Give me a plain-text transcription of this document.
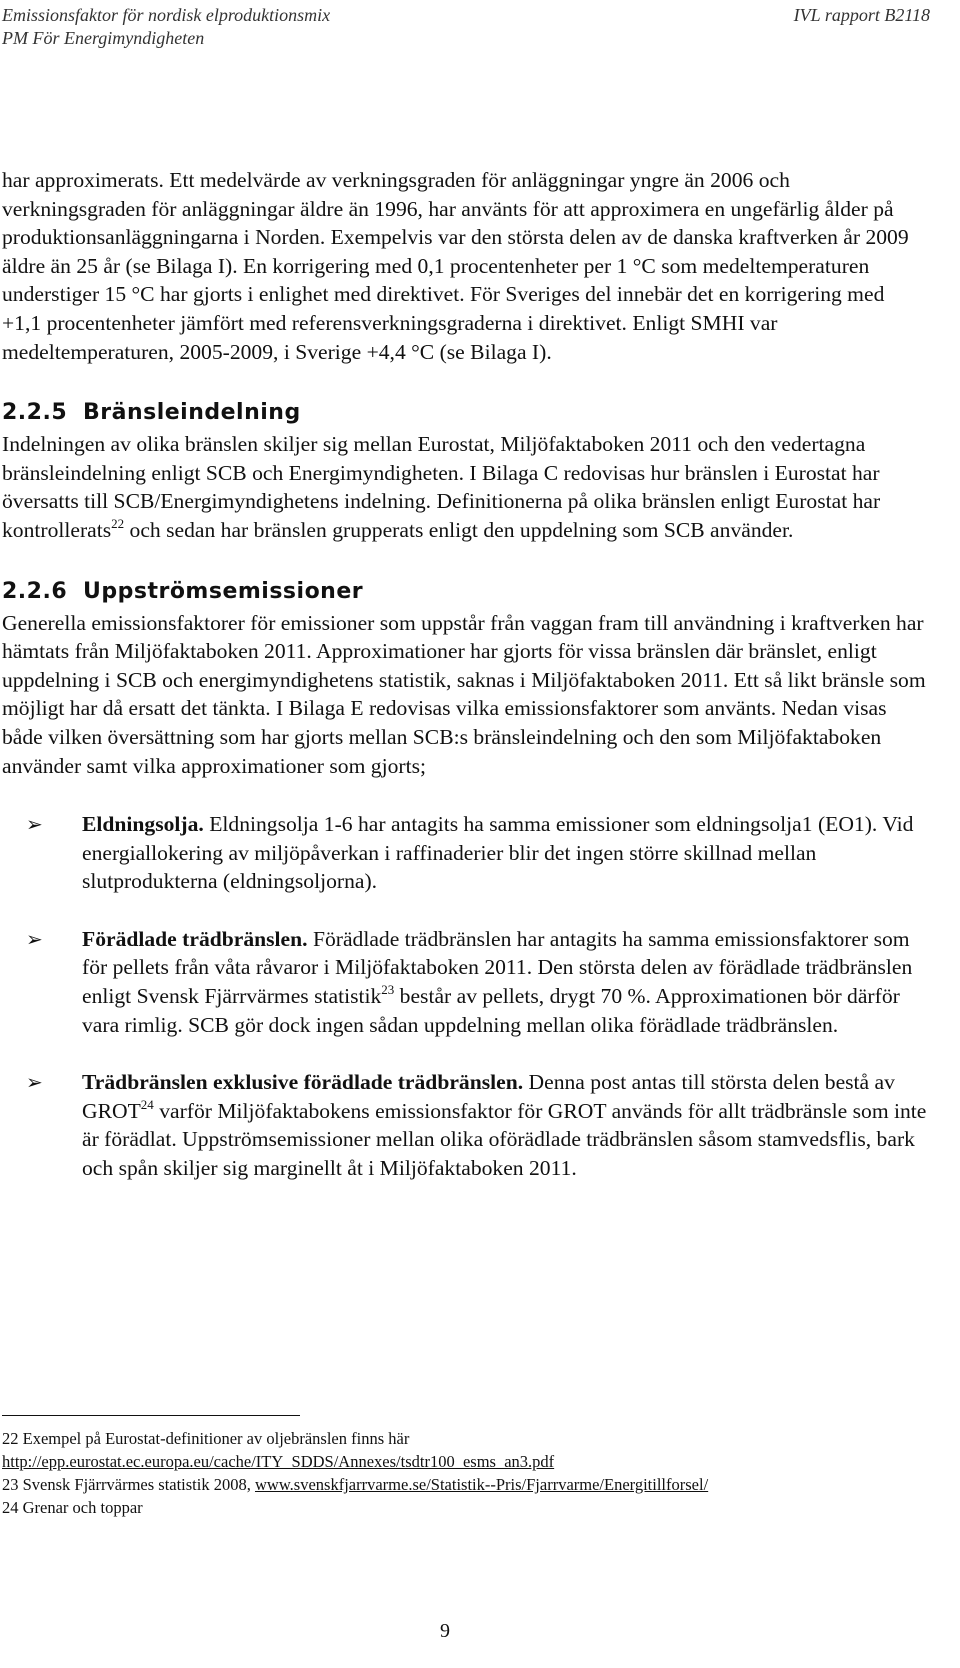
Emissionsfaktor för nordisk elproduktionsmix
PM För Energimyndigheten
IVL rapport B2118

har approximerats. Ett medelvärde av verkningsgraden för anläggningar yngre än 2006 och verkningsgraden för anläggningar äldre än 1996, har använts för att approximera en ungefärlig ålder på produktionsanläggningarna i Norden. Exempelvis var den största delen av de danska kraftverken år 2009 äldre än 25 år (se Bilaga I). En korrigering med 0,1 procentenheter per 1 °C som medeltemperaturen understiger 15 °C har gjorts i enlighet med direktivet. För Sveriges del innebär det en korrigering med +1,1 procentenheter jämfört med referensverkningsgraderna i direktivet. Enligt SMHI var medeltemperaturen, 2005-2009, i Sverige +4,4 °C (se Bilaga I).

2.2.5 Bränsleindelning

Indelningen av olika bränslen skiljer sig mellan Eurostat, Miljöfaktaboken 2011 och den vedertagna bränsleindelning enligt SCB och Energimyndigheten. I Bilaga C redovisas hur bränslen i Eurostat har översatts till SCB/Energimyndighetens indelning. Definitionerna på olika bränslen enligt Eurostat har kontrollerats$^{22}$ och sedan har bränslen grupperats enligt den uppdelning som SCB använder.

2.2.6 Uppströmsemissioner

Generella emissionsfaktorer för emissioner som uppstår från vaggan fram till användning i kraftverken har hämtats från Miljöfaktaboken 2011. Approximationer har gjorts för vissa bränslen där bränslet, enligt uppdelning i SCB och energimyndighetens statistik, saknas i Miljöfaktaboken 2011. Ett så likt bränsle som möjligt har då ersatt det tänkta. I Bilaga E redovisas vilka emissionsfaktorer som använts. Nedan visas både vilken översättning som har gjorts mellan SCB:s bränsleindelning och den som Miljöfaktaboken använder samt vilka approximationer som gjorts;

➢ Eldningsolja. Eldningsolja 1-6 har antagits ha samma emissioner som eldningsolja1 (EO1). Vid energiallokering av miljöpåverkan i raffinaderier blir det ingen större skillnad mellan slutprodukterna (eldningsoljorna).
➢ Förädlade trädbränslen. Förädlade trädbränslen har antagits ha samma emissionsfaktorer som för pellets från våta råvaror i Miljöfaktaboken 2011. Den största delen av förädlade trädbränslen enligt Svensk Fjärrvärmes statistik$^{23}$ består av pellets, drygt 70 %. Approximationen bör därför vara rimlig. SCB gör dock ingen sådan uppdelning mellan olika förädlade trädbränslen.
➢ Trädbränslen exklusive förädlade trädbränslen. Denna post antas till största delen bestå av GROT$^{24}$ varför Miljöfaktabokens emissionsfaktor för GROT används för allt trädbränsle som inte är förädlat. Uppströmsemissioner mellan olika oförädlade trädbränslen såsom stamvedsflis, bark och spån skiljer sig marginellt åt i Miljöfaktaboken 2011.
22 Exempel på Eurostat-definitioner av oljebränslen finns här
http://epp.eurostat.ec.europa.eu/cache/ITY_SDDS/Annexes/tsdtr100_esms_an3.pdf
23 Svensk Fjärrvärmes statistik 2008, www.svenskfjarrvarme.se/Statistik--Pris/Fjarrvarme/Energitillforsel/
24 Grenar och toppar
9
